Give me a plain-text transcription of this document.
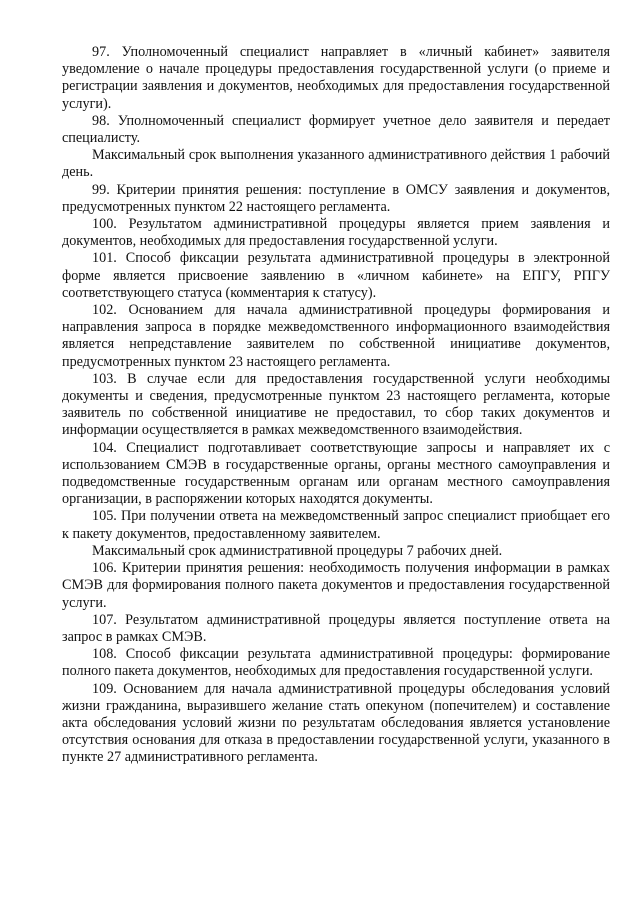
97. Уполномоченный специалист направляет в «личный кабинет» заявителя уведомление о начале процедуры предоставления государственной услуги (о приеме и регистрации заявления и документов, необходимых для предоставления государственной услуги).

98. Уполномоченный специалист формирует учетное дело заявителя и передает специалисту.

Максимальный срок выполнения указанного административного действия 1 рабочий день.

99. Критерии принятия решения: поступление в ОМСУ заявления и документов, предусмотренных пунктом 22 настоящего регламента.

100. Результатом административной процедуры является прием заявления и документов, необходимых для предоставления государственной услуги.

101. Способ фиксации результата административной процедуры в электронной форме является присвоение заявлению в «личном кабинете» на ЕПГУ, РПГУ соответствующего статуса (комментария к статусу).

102. Основанием для начала административной процедуры формирования и направления запроса в порядке межведомственного информационного взаимодействия является непредставление заявителем по собственной инициативе документов, предусмотренных пунктом 23 настоящего регламента.

103. В случае если для предоставления государственной услуги необходимы документы и сведения, предусмотренные пунктом 23 настоящего регламента, которые заявитель по собственной инициативе не предоставил, то сбор таких документов и информации осуществляется в рамках межведомственного взаимодействия.

104. Специалист подготавливает соответствующие запросы и направляет их с использованием СМЭВ в государственные органы, органы местного самоуправления и подведомственные государственным органам или органам местного самоуправления организации, в распоряжении которых находятся документы.

105. При получении ответа на межведомственный запрос специалист приобщает его к пакету документов, предоставленному заявителем.

Максимальный срок административной процедуры 7 рабочих дней.

106. Критерии принятия решения: необходимость получения информации в рамках СМЭВ для формирования полного пакета документов и предоставления государственной услуги.

107. Результатом административной процедуры является поступление ответа на запрос в рамках СМЭВ.

108. Способ фиксации результата административной процедуры: формирование полного пакета документов, необходимых для предоставления государственной услуги.

109. Основанием для начала административной процедуры обследования условий жизни гражданина, выразившего желание стать опекуном (попечителем) и составление акта обследования условий жизни по результатам обследования является установление отсутствия основания для отказа в предоставлении государственной услуги, указанного в пункте 27 административного регламента.
